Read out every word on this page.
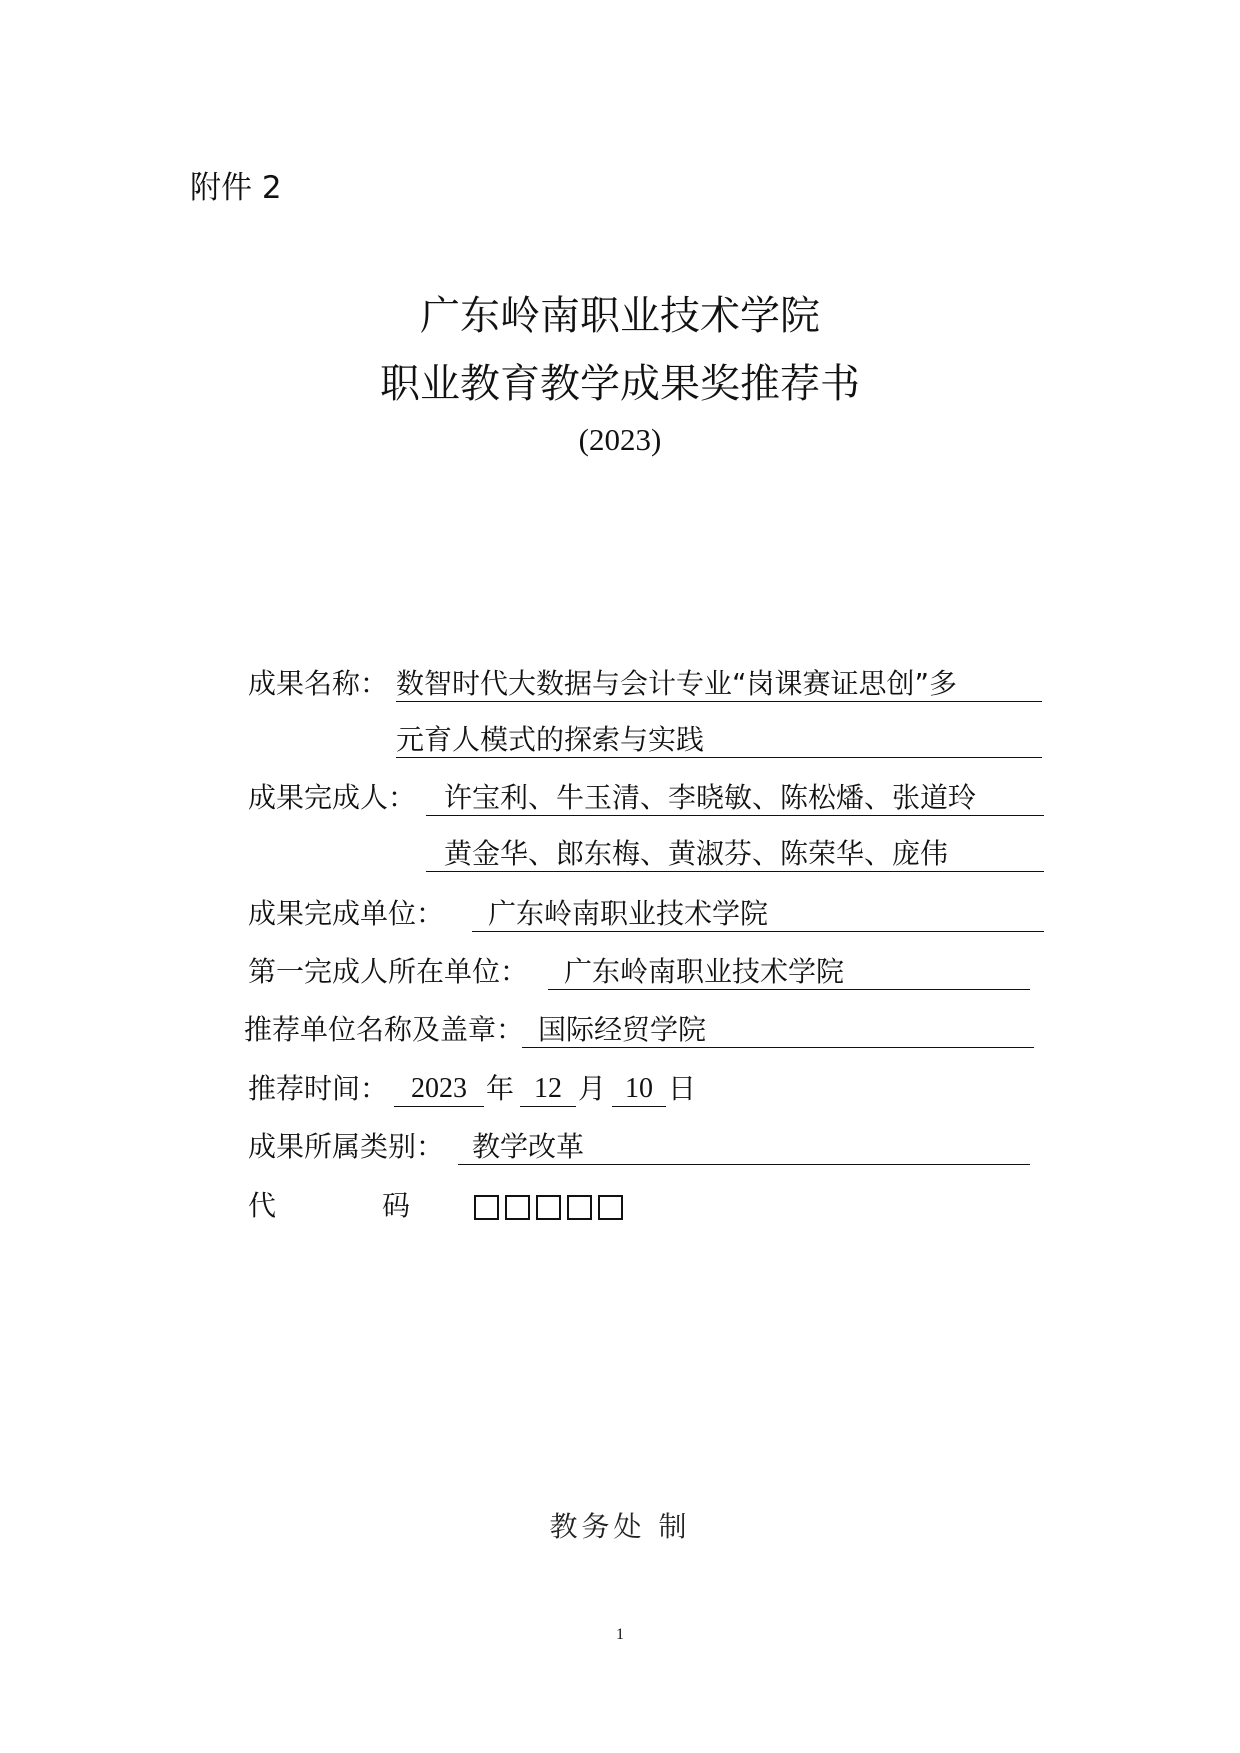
附件 2
广东岭南职业技术学院
职业教育教学成果奖推荐书
(2023)
成果名称： 数智时代大数据与会计专业“岗课赛证思创”多
元育人模式的探索与实践
成果完成人： 许宝利、牛玉清、李晓敏、陈松燔、张道玲
黄金华、郎东梅、黄淑芬、陈荣华、庞伟
成果完成单位：	广东岭南职业技术学院
第一完成人所在单位：	广东岭南职业技术学院
推荐单位名称及盖章： 国际经贸学院
推荐时间： 2023 年 12 月 10 日
成果所属类别： 教学改革
代	码
教务处 制
1
